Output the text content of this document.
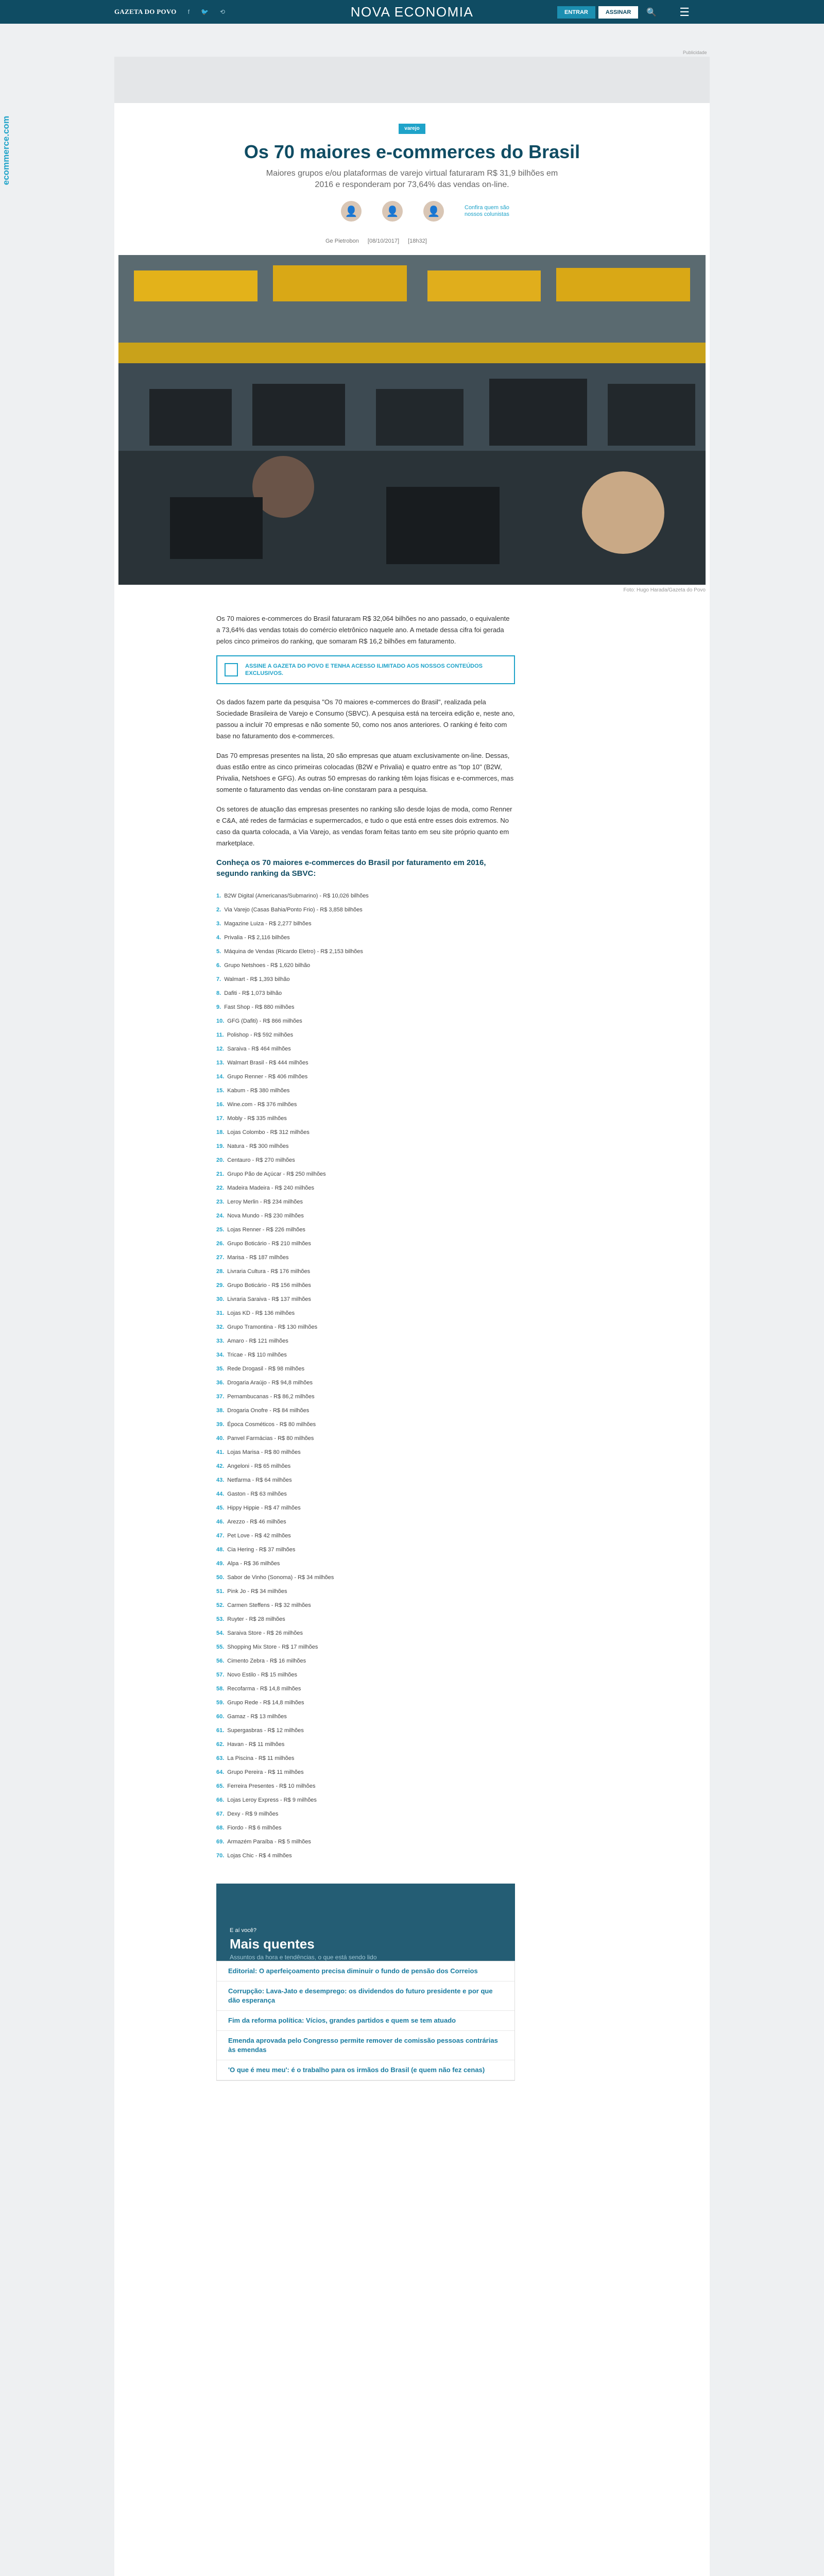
GAZETA DO POVO f 🐦 ⟲	NOVA ECONOMIA	ENTRAR	ASSINAR	🔍 ☰
ecommerce.com
Publicidade
varejo
Os 70 maiores e-commerces do Brasil
Maiores grupos e/ou plataformas de varejo virtual faturaram R$ 31,9 bilhões em 2016 e responderam por 73,64% das vendas on-line.
👤	👤	👤	Confira quem são nossos colunistas
Ge Pietrobon [08/10/2017] [18h32]
Foto: Hugo Harada/Gazeta do Povo

Os 70 maiores e-commerces do Brasil faturaram R$ 32,064 bilhões no ano passado, o equivalente a 73,64% das vendas totais do comércio eletrônico naquele ano. A metade dessa cifra foi gerada pelos cinco primeiros do ranking, que somaram R$ 16,2 bilhões em faturamento.

ASSINE A GAZETA DO POVO E TENHA ACESSO ILIMITADO AOS NOSSOS CONTEÚDOS EXCLUSIVOS.

Os dados fazem parte da pesquisa "Os 70 maiores e-commerces do Brasil", realizada pela Sociedade Brasileira de Varejo e Consumo (SBVC). A pesquisa está na terceira edição e, neste ano, passou a incluir 70 empresas e não somente 50, como nos anos anteriores. O ranking é feito com base no faturamento dos e-commerces.

Das 70 empresas presentes na lista, 20 são empresas que atuam exclusivamente on-line. Dessas, duas estão entre as cinco primeiras colocadas (B2W e Privalia) e quatro entre as "top 10" (B2W, Privalia, Netshoes e GFG). As outras 50 empresas do ranking têm lojas físicas e e-commerces, mas somente o faturamento das vendas on-line constaram para a pesquisa.

Os setores de atuação das empresas presentes no ranking são desde lojas de moda, como Renner e C&A, até redes de farmácias e supermercados, e tudo o que está entre esses dois extremos. No caso da quarta colocada, a Via Varejo, as vendas foram feitas tanto em seu site próprio quanto em marketplace.

Conheça os 70 maiores e-commerces do Brasil por faturamento em 2016, segundo ranking da SBVC:
1. B2W Digital (Americanas/Submarino) - R$ 10,026 bilhões
2. Via Varejo (Casas Bahia/Ponto Frio) - R$ 3,858 bilhões
3. Magazine Luiza - R$ 2,277 bilhões
4. Privalia - R$ 2,116 bilhões
5. Máquina de Vendas (Ricardo Eletro) - R$ 2,153 bilhões
6. Grupo Netshoes - R$ 1,620 bilhão
7. Walmart - R$ 1,393 bilhão
8. Dafiti - R$ 1,073 bilhão
9. Fast Shop - R$ 880 milhões
10. GFG (Dafiti) - R$ 866 milhões
11. Polishop - R$ 592 milhões
12. Saraiva - R$ 464 milhões
13. Walmart Brasil - R$ 444 milhões
14. Grupo Renner - R$ 406 milhões
15. Kabum - R$ 380 milhões
16. Wine.com - R$ 376 milhões
17. Mobly - R$ 335 milhões
18. Lojas Colombo - R$ 312 milhões
19. Natura - R$ 300 milhões
20. Centauro - R$ 270 milhões
21. Grupo Pão de Açúcar - R$ 250 milhões
22. Madeira Madeira - R$ 240 milhões
23. Leroy Merlin - R$ 234 milhões
24. Nova Mundo - R$ 230 milhões
25. Lojas Renner - R$ 226 milhões
26. Grupo Boticário - R$ 210 milhões
27. Marisa - R$ 187 milhões
28. Livraria Cultura - R$ 176 milhões
29. Grupo Boticário - R$ 156 milhões
30. Livraria Saraiva - R$ 137 milhões
31. Lojas KD - R$ 136 milhões
32. Grupo Tramontina - R$ 130 milhões
33. Amaro - R$ 121 milhões
34. Tricae - R$ 110 milhões
35. Rede Drogasil - R$ 98 milhões
36. Drogaria Araújo - R$ 94,8 milhões
37. Pernambucanas - R$ 86,2 milhões
38. Drogaria Onofre - R$ 84 milhões
39. Época Cosméticos - R$ 80 milhões
40. Panvel Farmácias - R$ 80 milhões
41. Lojas Marisa - R$ 80 milhões
42. Angeloni - R$ 65 milhões
43. Netfarma - R$ 64 milhões
44. Gaston - R$ 63 milhões
45. Hippy Hippie - R$ 47 milhões
46. Arezzo - R$ 46 milhões
47. Pet Love - R$ 42 milhões
48. Cia Hering - R$ 37 milhões
49. Alpa - R$ 36 milhões
50. Sabor de Vinho (Sonoma) - R$ 34 milhões
51. Pink Jo - R$ 34 milhões
52. Carmen Steffens - R$ 32 milhões
53. Ruyter - R$ 28 milhões
54. Saraiva Store - R$ 26 milhões
55. Shopping Mix Store - R$ 17 milhões
56. Cimento Zebra - R$ 16 milhões
57. Novo Estilo - R$ 15 milhões
58. Recofarma - R$ 14,8 milhões
59. Grupo Rede - R$ 14,8 milhões
60. Gamaz - R$ 13 milhões
61. Supergasbras - R$ 12 milhões
62. Havan - R$ 11 milhões
63. La Piscina - R$ 11 milhões
64. Grupo Pereira - R$ 11 milhões
65. Ferreira Presentes - R$ 10 milhões
66. Lojas Leroy Express - R$ 9 milhões
67. Dexy - R$ 9 milhões
68. Fiordo - R$ 6 milhões
69. Armazém Paraíba - R$ 5 milhões
70. Lojas Chic - R$ 4 milhões
E aí você?
Mais quentes
Assuntos da hora e tendências, o que está sendo lido
Editorial: O aperfeiçoamento precisa diminuir o fundo de pensão dos Correios
Corrupção: Lava-Jato e desemprego: os dividendos do futuro presidente e por que dão esperança
Fim da reforma política: Vícios, grandes partidos e quem se tem atuado
Emenda aprovada pelo Congresso permite remover de comissão pessoas contrárias às emendas
'O que é meu meu': é o trabalho para os irmãos do Brasil (e quem não fez cenas)
